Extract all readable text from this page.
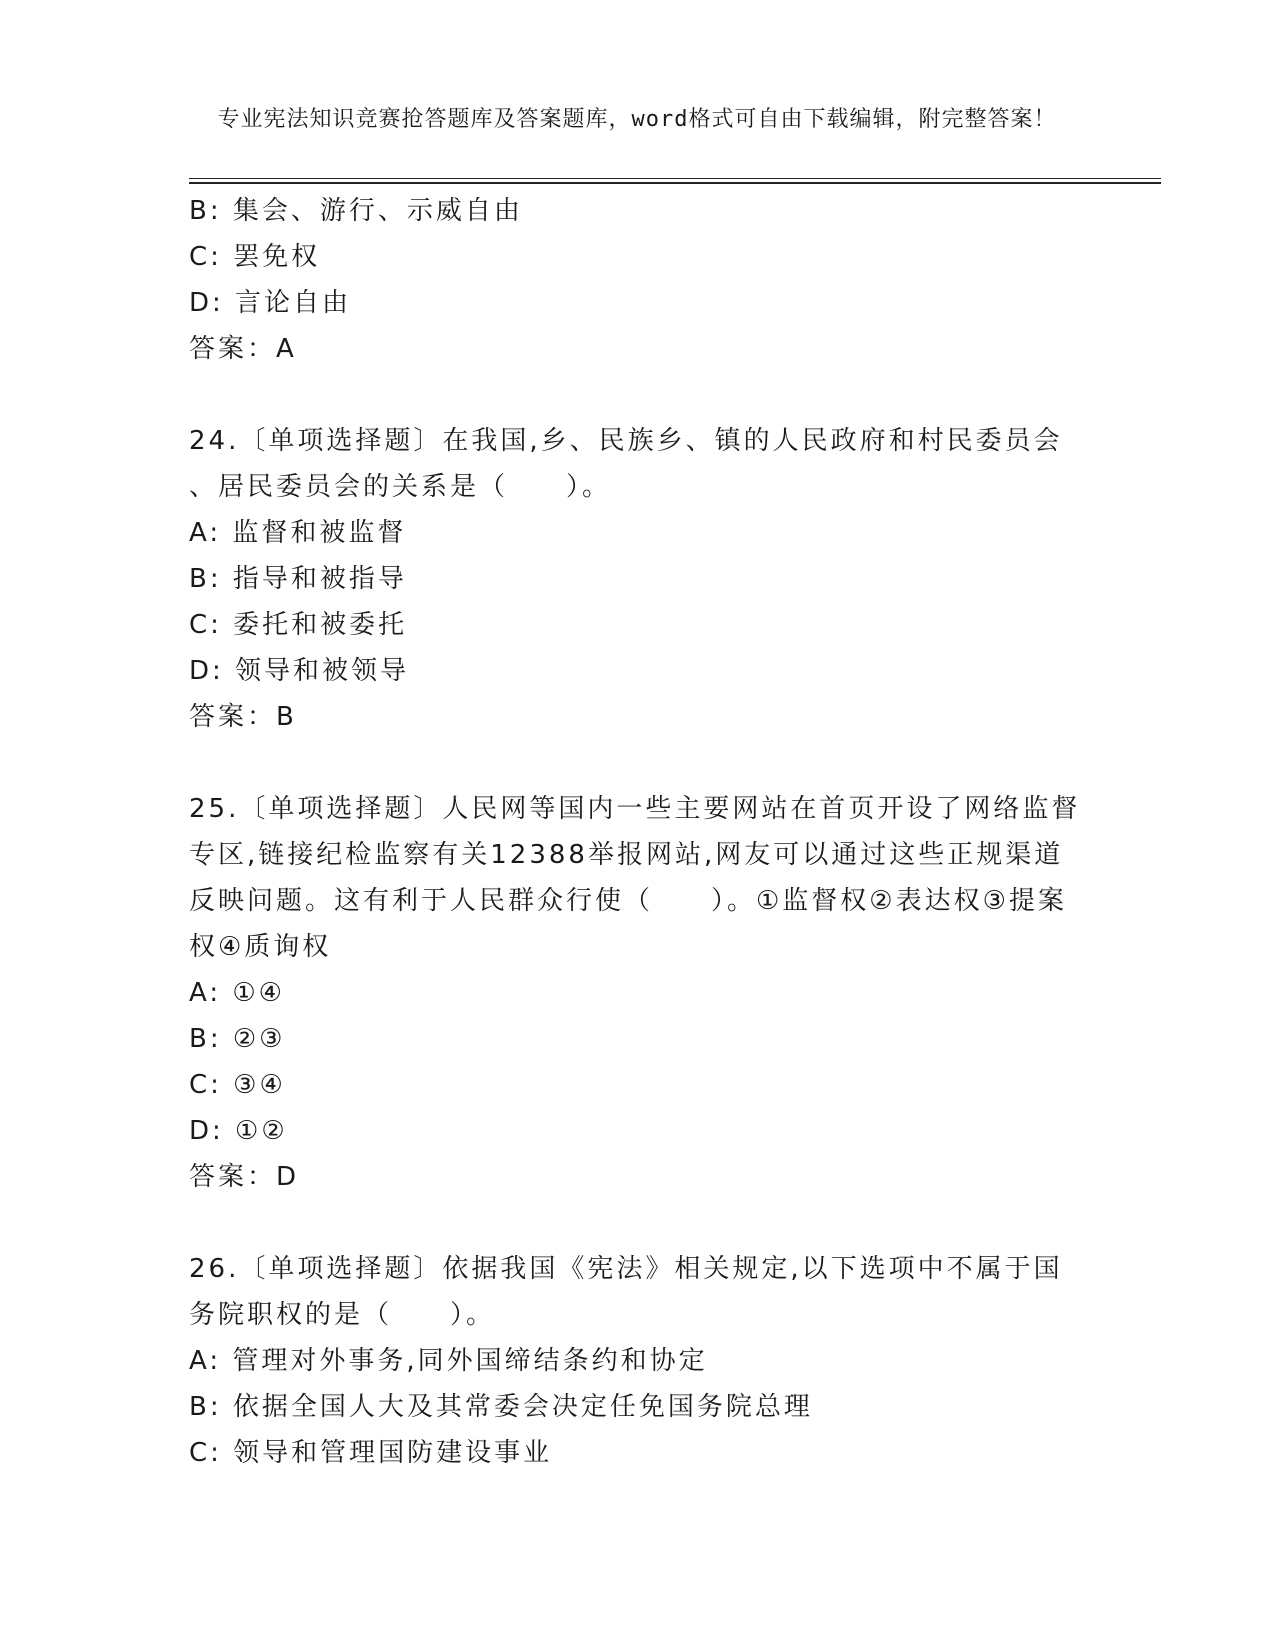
专业宪法知识竞赛抢答题库及答案题库，word格式可自由下载编辑，附完整答案！

B: 集会、游行、示威自由
C: 罢免权
D: 言论自由
答案：A
24.〔单项选择题〕在我国,乡、民族乡、镇的人民政府和村民委员会
、居民委员会的关系是（　　）。
A: 监督和被监督
B: 指导和被指导
C: 委托和被委托
D: 领导和被领导
答案：B
25.〔单项选择题〕人民网等国内一些主要网站在首页开设了网络监督
专区,链接纪检监察有关12388举报网站,网友可以通过这些正规渠道
反映问题。这有利于人民群众行使（　　）。①监督权②表达权③提案
权④质询权
A: ①④
B: ②③
C: ③④
D: ①②
答案：D
26.〔单项选择题〕依据我国《宪法》相关规定,以下选项中不属于国
务院职权的是（　　）。
A: 管理对外事务,同外国缔结条约和协定
B: 依据全国人大及其常委会决定任免国务院总理
C: 领导和管理国防建设事业
